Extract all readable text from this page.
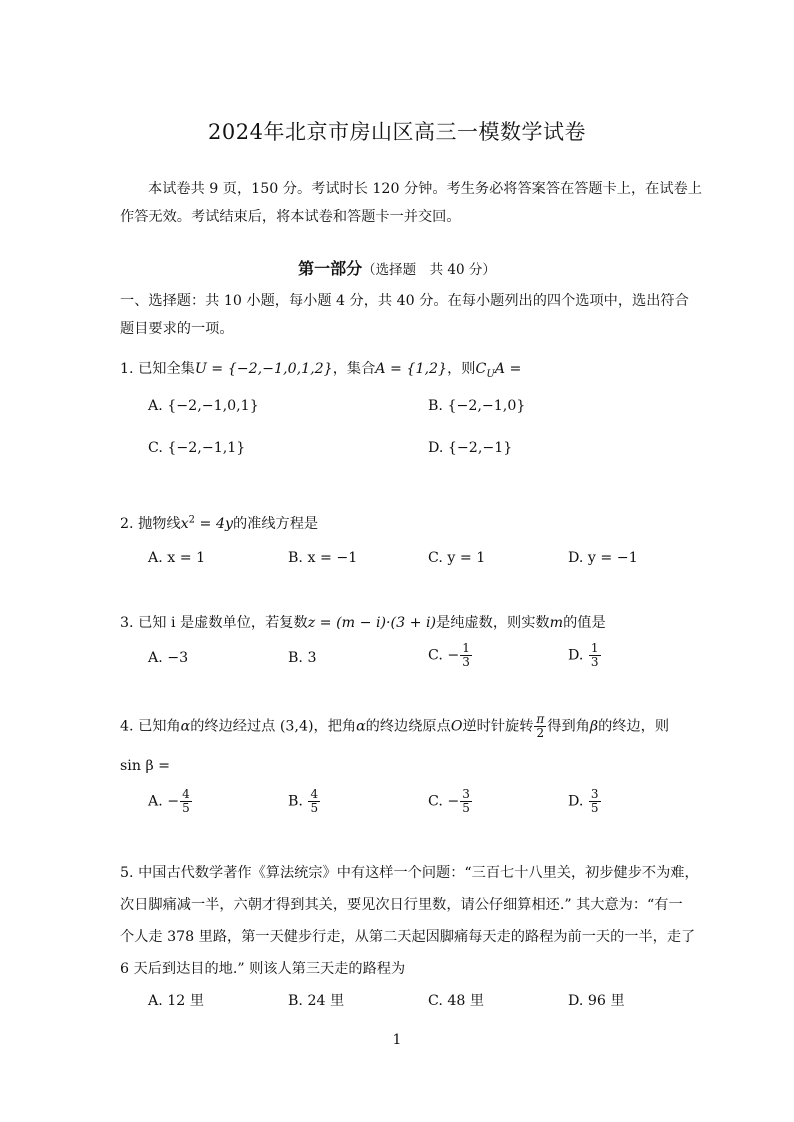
2024年北京市房山区高三一模数学试卷
本试卷共 9 页，150 分。考试时长 120 分钟。考生务必将答案答在答题卡上，在试卷上
作答无效。考试结束后，将本试卷和答题卡一并交回。
第一部分（选择题　共 40 分）
一、选择题：共 10 小题，每小题 4 分，共 40 分。在每小题列出的四个选项中，选出符合
题目要求的一项。
1. 已知全集U = {−2,−1,0,1,2}，集合A = {1,2}，则$C_UA$ =
A. {−2,−1,0,1}	B. {−2,−1,0}
C. {−2,−1,1}	D. {−2,−1}
2. 抛物线$x^2 = 4y$的准线方程是
A. x = 1	B. x = −1	C. y = 1	D. y = −1
3. 已知 i 是虚数单位，若复数z = (m − i)·(3 + i)是纯虚数，则实数m的值是
A. −3	B. 3	C. − $\frac{1}{3}$	D. $\frac{1}{3}$
4. 已知角α的终边经过点 (3,4)，把角α的终边绕原点O逆时针旋转 $\frac{\pi}{2}$ 得到角β的终边，则
sin β =
A. − $\frac{4}{5}$	B. $\frac{4}{5}$	C. − $\frac{3}{5}$	D. $\frac{3}{5}$
5. 中国古代数学著作《算法统宗》中有这样一个问题：“三百七十八里关，初步健步不为难，
次日脚痛减一半，六朝才得到其关，要见次日行里数，请公仔细算相还.” 其大意为：“有一
个人走 378 里路，第一天健步行走，从第二天起因脚痛每天走的路程为前一天的一半，走了
6 天后到达目的地.” 则该人第三天走的路程为
A. 12 里	B. 24 里	C. 48 里	D. 96 里
1
